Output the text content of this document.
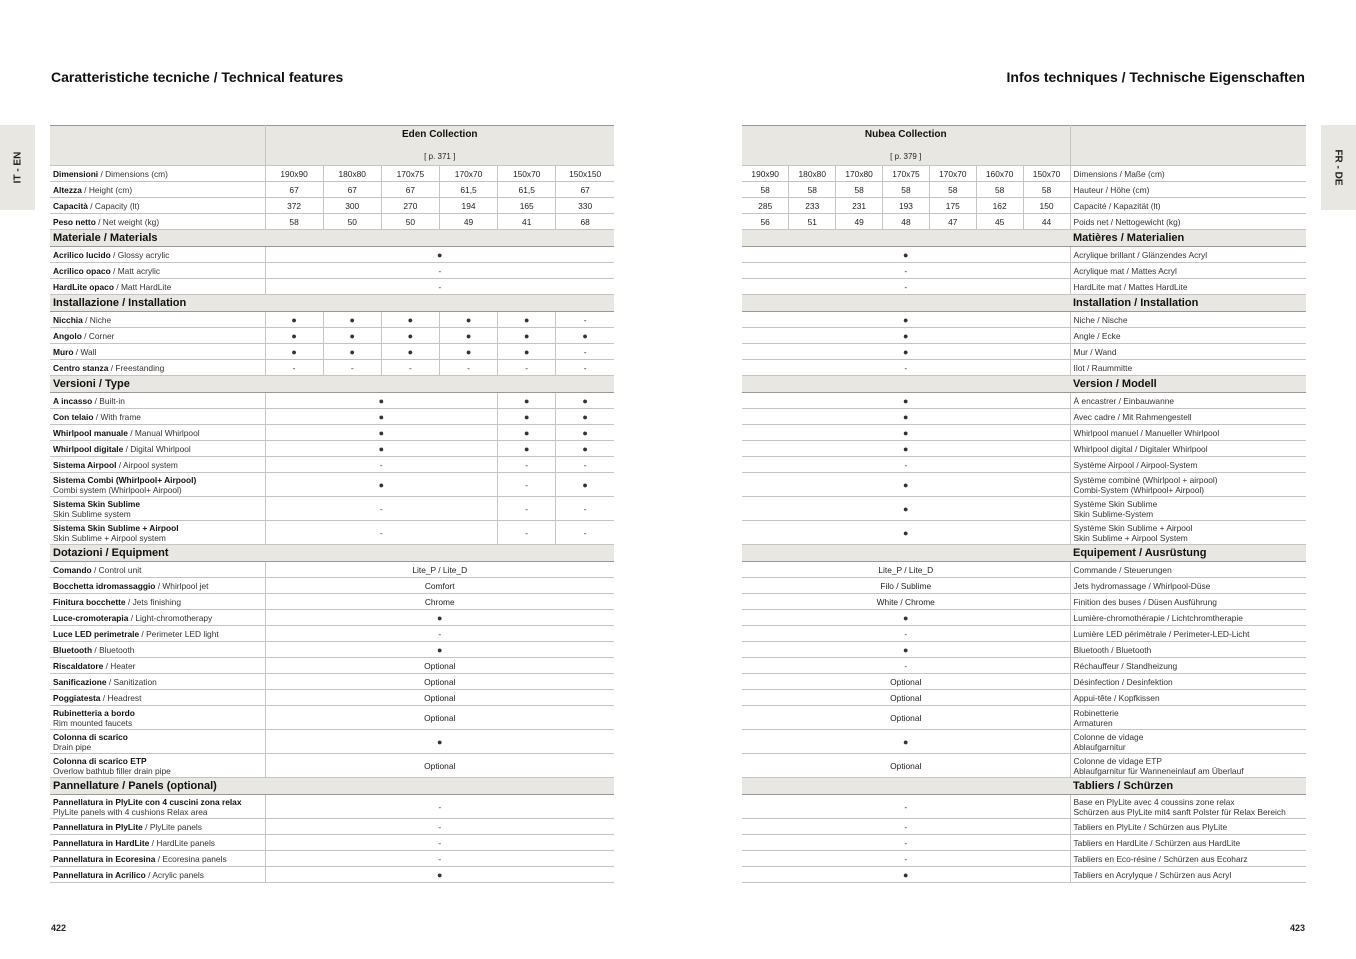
Caratteristiche tecniche / Technical features	Infos techniques / Technische Eigenschaften
IT - EN	FR - DE

	Eden Collection
[ p. 371 ]					

Dimensioni / Dimensions (cm)	190x90	180x80	170x75	170x70	150x70	150x150
Altezza / Height (cm)	67	67	67	61,5	61,5	67
Capacità / Capacity (lt)	372	300	270	194	165	330
Peso netto / Net weight (kg)	58	50	50	49	41	68
Materiale / Materials						
Acrilico lucido / Glossy acrylic	●					
Acrilico opaco / Matt acrylic	-					
HardLite opaco / Matt HardLite	-					
Installazione / Installation						
Nicchia / Niche	●	●	●	●	●	-
Angolo / Corner	●	●	●	●	●	●
Muro / Wall	●	●	●	●	●	-
Centro stanza / Freestanding	-	-	-	-	-	-
Versioni / Type						
A incasso / Built-in	●				●	●
Con telaio / With frame	●				●	●
Whirlpool manuale / Manual Whirlpool	●				●	●
Whirlpool digitale / Digital Whirlpool	●				●	●
Sistema Airpool / Airpool system	-				-	-
Sistema Combi (Whirlpool+ Airpool)
Combi system (Whirlpool+ Airpool)	●				-	●
Sistema Skin Sublime
Skin Sublime system	-				-	-
Sistema Skin Sublime + Airpool
Skin Sublime + Airpool system	-				-	-
Dotazioni / Equipment						
Comando / Control unit	Lite_P / Lite_D					
Bocchetta idromassaggio / Whirlpool jet	Comfort					
Finitura bocchette / Jets finishing	Chrome					
Luce-cromoterapia / Light-chromotherapy	●					
Luce LED perimetrale / Perimeter LED light	-					
Bluetooth / Bluetooth	●					
Riscaldatore / Heater	Optional					
Sanificazione / Sanitization	Optional					
Poggiatesta / Headrest	Optional					
Rubinetteria a bordo
Rim mounted faucets	Optional					
Colonna di scarico
Drain pipe	●					
Colonna di scarico ETP
Overlow bathtub filler drain pipe	Optional					
Pannellature / Panels (optional)						
Pannellatura in PlyLite con 4 cuscini zona relax
PlyLite panels with 4 cushions Relax area	-					
Pannellatura in PlyLite / PlyLite panels	-					
Pannellatura in HardLite / HardLite panels	-					
Pannellatura in Ecoresina / Ecoresina panels	-					
Pannellatura in Acrilico / Acrylic panels	●					
Nubea Collection
[ p. 379 ]							

190x90	180x80	170x80	170x75	170x70	160x70	150x70	Dimensions / Maße (cm)
58	58	58	58	58	58	58	Hauteur / Höhe (cm)
285	233	231	193	175	162	150	Capacité / Kapazität (lt)
56	51	49	48	47	45	44	Poids net / Nettogewicht (kg)
							Matières / Materialien
●							Acrylique brillant / Glänzendes Acryl
-							Acrylique mat / Mattes Acryl
-							HardLite mat / Mattes HardLite
							Installation / Installation
●							Niche / Nische
●							Angle / Ecke
●							Mur / Wand
-							Ilot / Raummitte
							Version / Modell
●							À encastrer / Einbauwanne
●							Avec cadre / Mit Rahmengestell
●							Whirlpool manuel / Manueller Whirlpool
●							Whirlpool digital / Digitaler Whirlpool
-							Système Airpool / Airpool-System
●							Système combiné (Whirlpool + airpool)
Combi-System (Whirlpool+ Airpool)
●							Système Skin Sublime
Skin Sublime-System
●							Système Skin Sublime + Airpool
Skin Sublime + Airpool System
							Equipement / Ausrüstung
Lite_P / Lite_D							Commande / Steuerungen
Filo / Sublime							Jets hydromassage / Whirlpool-Düse
White / Chrome							Finition des buses / Düsen Ausführung
●							Lumière-chromothérapie / Lichtchromtherapie
-							Lumière LED périmètrale / Perimeter-LED-Licht
●							Bluetooth / Bluetooth
-							Réchauffeur / Standheizung
Optional							Désinfection / Desinfektion
Optional							Appui-tête / Kopfkissen
Optional							Robinetterie
Armaturen
●							Colonne de vidage
Ablaufgarnitur
Optional							Colonne de vidage ETP
Ablaufgarnitur für Wanneneinlauf am Überlauf
							Tabliers / Schürzen
-							Base en PlyLite avec 4 coussins zone relax
Schürzen aus PlyLite mit4 sanft Polster für Relax Bereich
-							Tabliers en PlyLite / Schürzen aus PlyLite
-							Tabliers en HardLite / Schürzen aus HardLite
-							Tabliers en Eco-résine / Schürzen aus Ecoharz
●							Tabliers en Acrylyque / Schürzen aus Acryl
422	423
